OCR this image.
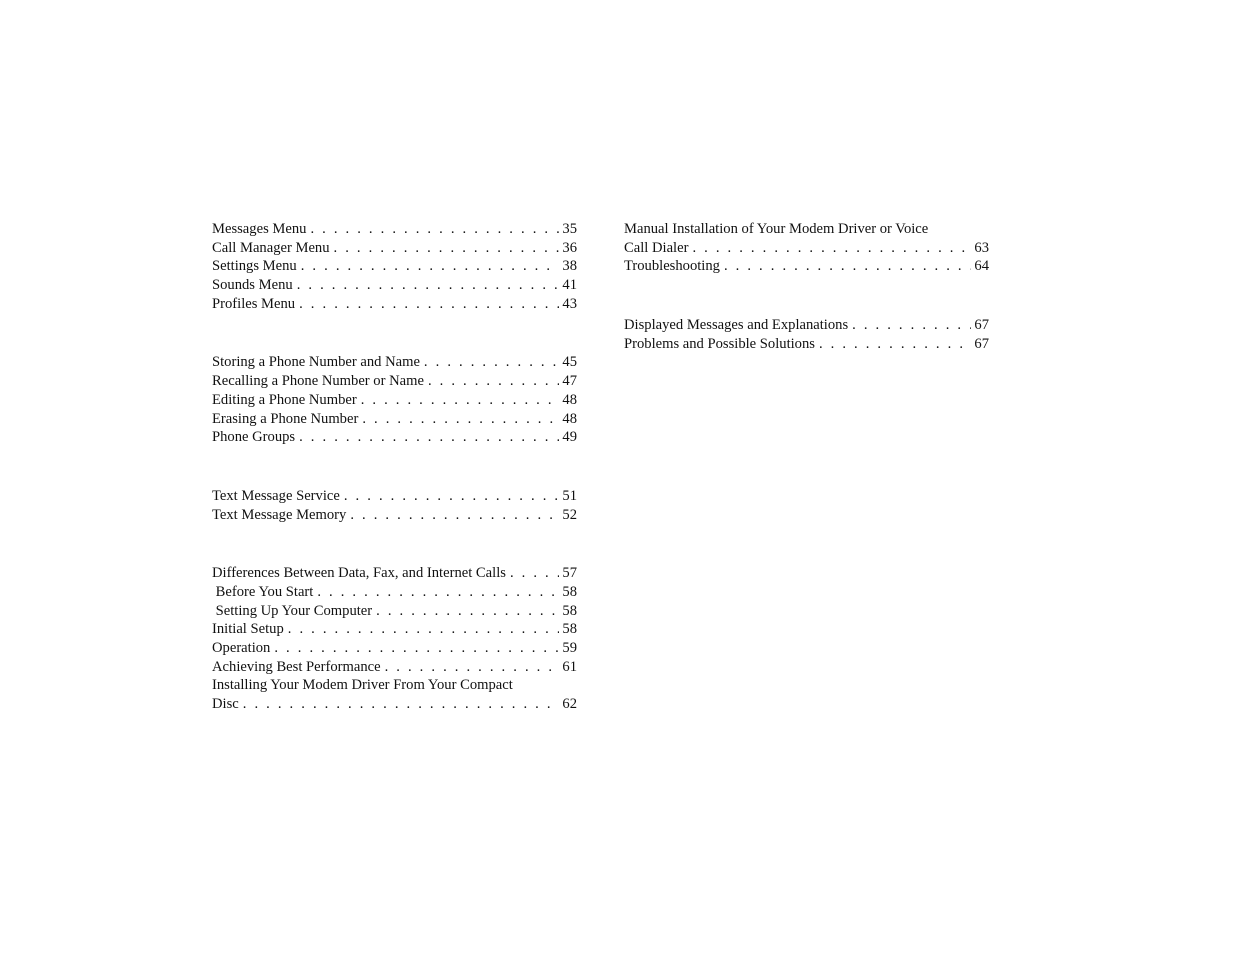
Messages Menu . . .	35
Call Manager Menu . . .	36
Settings Menu . . .	38
Sounds Menu . . .	41
Profiles Menu . . .	43
Storing a Phone Number and Name . . .	45
Recalling a Phone Number or Name . . .	47
Editing a Phone Number . . .	48
Erasing a Phone Number . . .	48
Phone Groups . . .	49
Text Message Service . . .	51
Text Message Memory . . .	52
Differences Between Data, Fax, and Internet Calls . . .	57
Before You Start . . .	58
Setting Up Your Computer . . .	58
Initial Setup . . .	58
Operation . . .	59
Achieving Best Performance . . .	61
Installing Your Modem Driver From Your Compact
Disc . . .	62
Manual Installation of Your Modem Driver or Voice
Call Dialer . . .	63
Troubleshooting . . .	64
Displayed Messages and Explanations . . .	67
Problems and Possible Solutions . . .	67
